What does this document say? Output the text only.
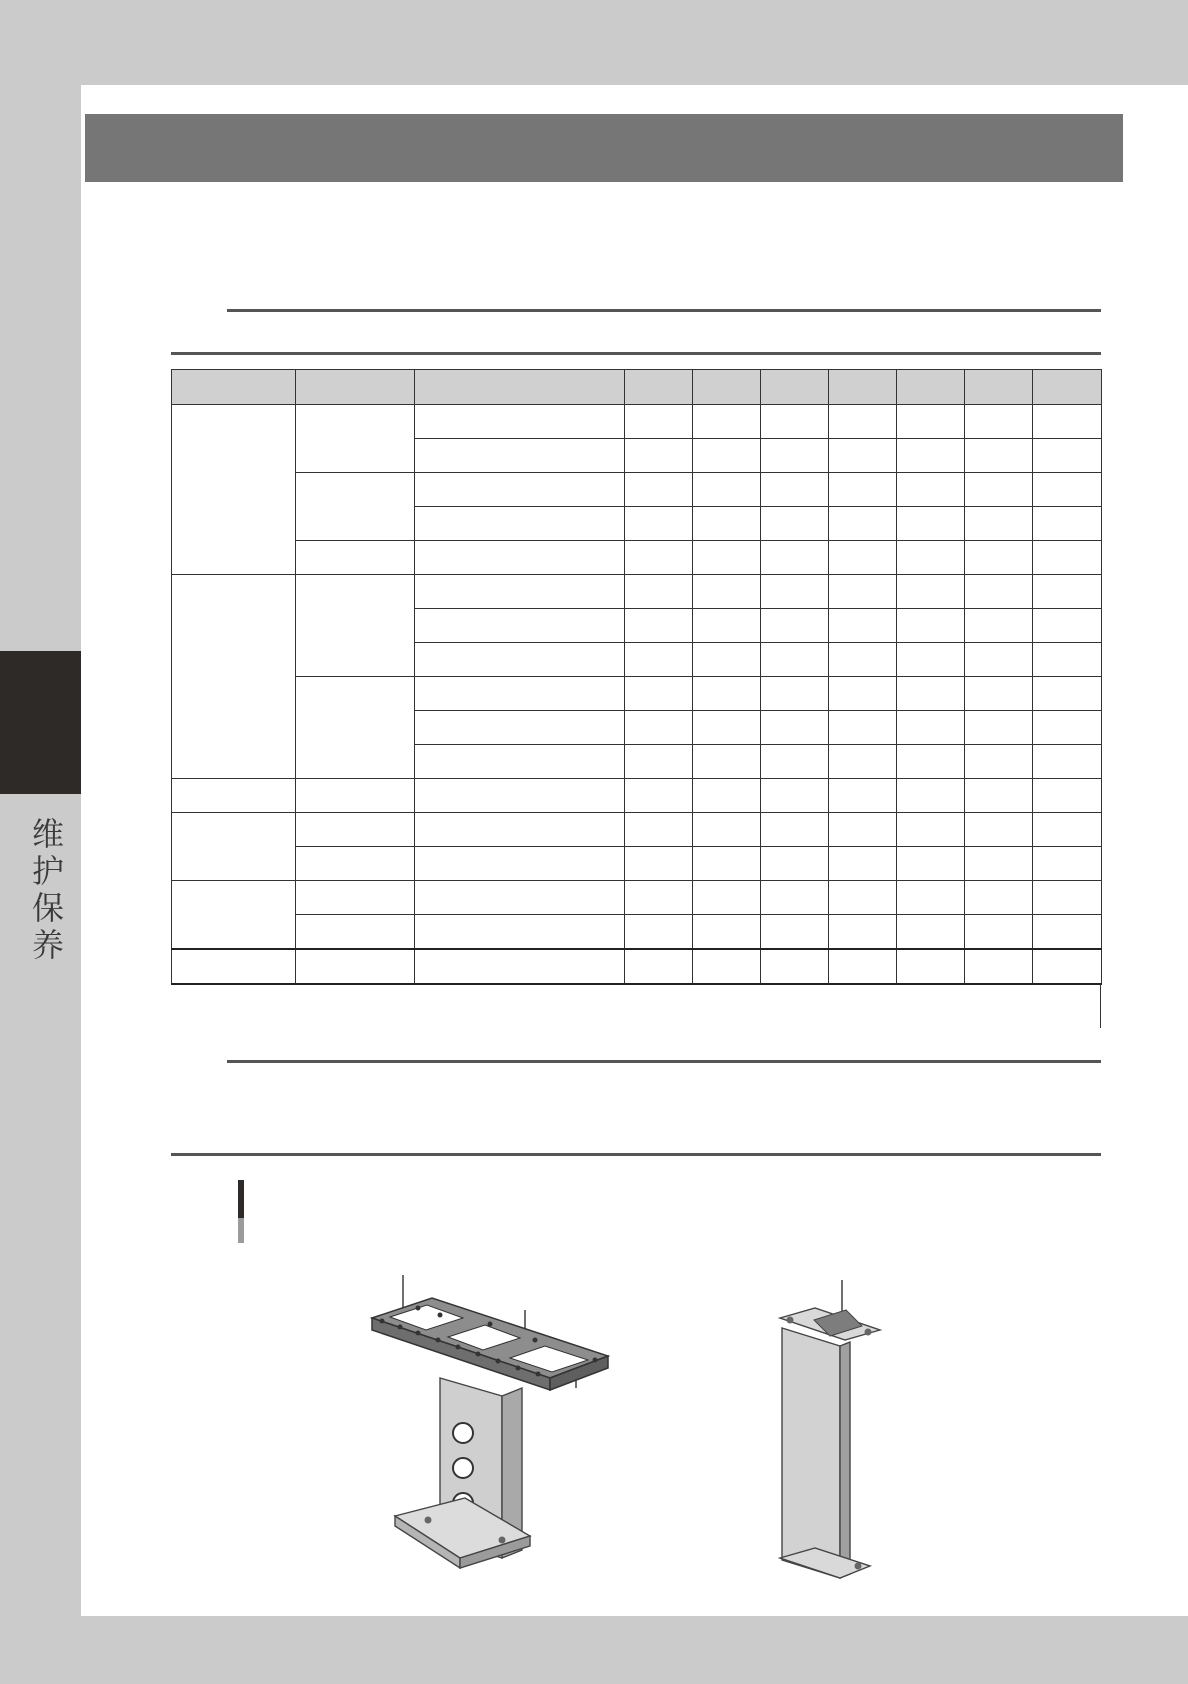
维护保养
